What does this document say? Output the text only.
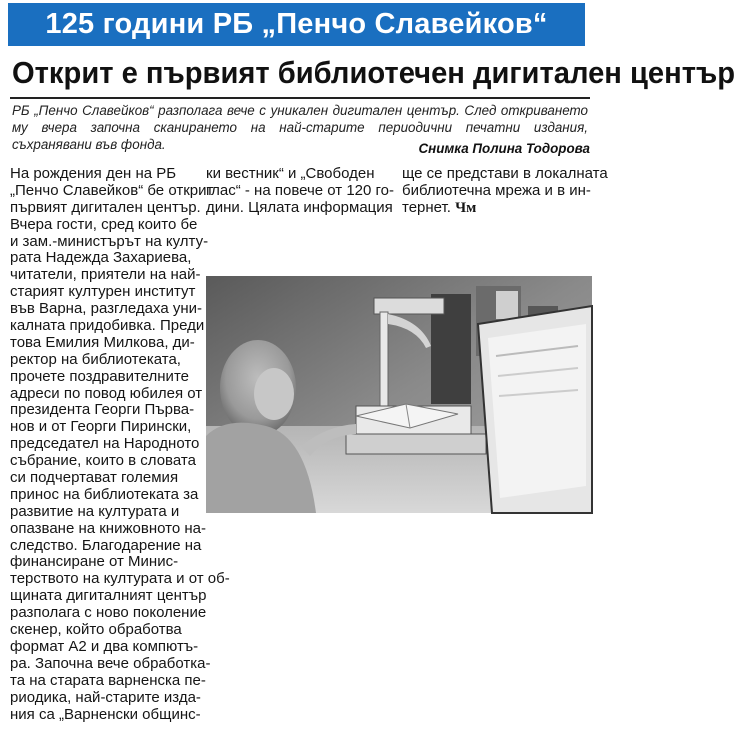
125 години РБ „Пенчо Славейков“
Открит е първият библиотечен дигитален център
РБ „Пенчо Славейков“ разполага вече с уникален дигитален център. След откриването му вчера започна сканирането на най-старите периодични печатни издания, съхранявани във фонда.	Снимка Полина Тодорова
На рождения ден на РБ
„Пенчо Славейков“ бе открит
първият дигитален център.
Вчера гости, сред които бе
и зам.-министърът на култу-
рата Надежда Захариева,
читатели, приятели на най-
старият културен институт
във Варна, разгледаха уни-
калната придобивка. Преди
това Емилия Милкова, ди-
ректор на библиотеката,
прочете поздравителните
адреси по повод юбилея от
президента Георги Първа-
нов и от Георги Пирински,
председател на Народното
събрание, които в словата
си подчертават големия
принос на библиотеката за
развитие на културата и
опазване на книжовното на-
следство. Благодарение на
финансиране от Минис-
терството на културата и от об-
щината дигиталният център
разполага с ново поколение
скенер, който обработва
формат А2 и два компютъ-
ра. Започна вече обработка-
та на старата варненска пе-
риодика, най-старите изда-
ния са „Варненски общинс-
ки вестник“ и „Свободен
глас“ - на повече от 120 го-
дини. Цялата информация
ще се представи в локалната
библиотечна мрежа и в ин-
тернет. Чм
